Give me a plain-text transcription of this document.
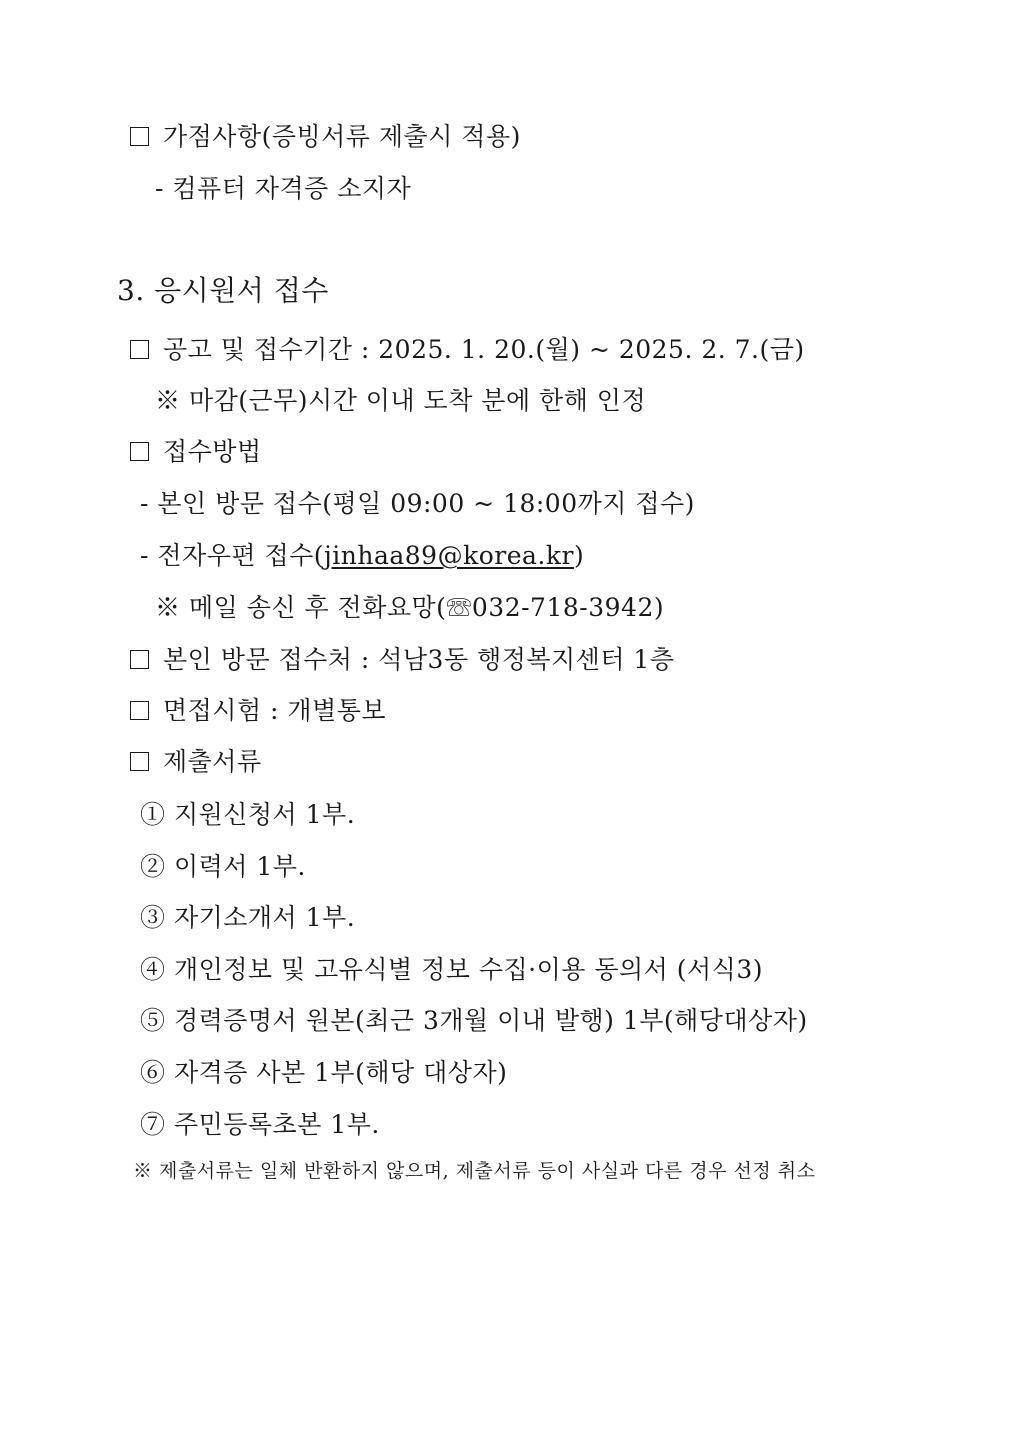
가점사항(증빙서류 제출시 적용)
- 컴퓨터 자격증 소지자
3. 응시원서 접수
공고 및 접수기간 : 2025. 1. 20.(월) ~ 2025. 2. 7.(금)
※ 마감(근무)시간 이내 도착 분에 한해 인정
접수방법
- 본인 방문 접수(평일 09:00 ~ 18:00까지 접수)
- 전자우편 접수(jinhaa89@korea.kr)
※ 메일 송신 후 전화요망(☏032-718-3942)
본인 방문 접수처 : 석남3동 행정복지센터 1층
면접시험 : 개별통보
제출서류
① 지원신청서 1부.
② 이력서 1부.
③ 자기소개서 1부.
④ 개인정보 및 고유식별 정보 수집·이용 동의서 (서식3)
⑤ 경력증명서 원본(최근 3개월 이내 발행) 1부(해당대상자)
⑥ 자격증 사본 1부(해당 대상자)
⑦ 주민등록초본 1부.
※ 제출서류는 일체 반환하지 않으며, 제출서류 등이 사실과 다른 경우 선정 취소
